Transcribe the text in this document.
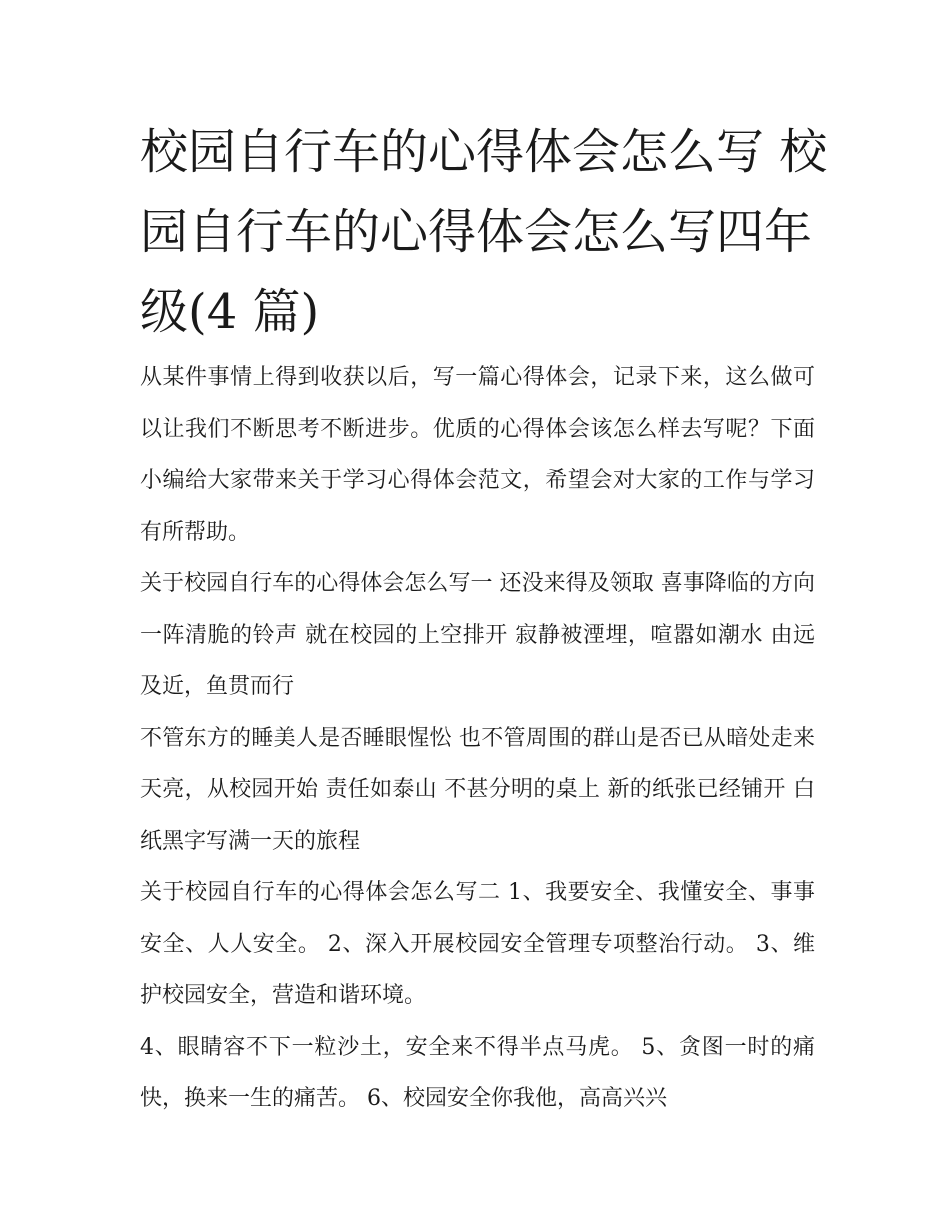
校园自行车的心得体会怎么写 校园自行车的心得体会怎么写四年级(4 篇)

从某件事情上得到收获以后，写一篇心得体会，记录下来，这么做可以让我们不断思考不断进步。优质的心得体会该怎么样去写呢？下面小编给大家带来关于学习心得体会范文，希望会对大家的工作与学习有所帮助。

关于校园自行车的心得体会怎么写一 还没来得及领取 喜事降临的方向 一阵清脆的铃声 就在校园的上空排开 寂静被湮埋，喧嚣如潮水 由远及近，鱼贯而行

不管东方的睡美人是否睡眼惺忪 也不管周围的群山是否已从暗处走来 天亮，从校园开始 责任如泰山 不甚分明的桌上 新的纸张已经铺开 白纸黑字写满一天的旅程

关于校园自行车的心得体会怎么写二 1、我要安全、我懂安全、事事安全、人人安全。 2、深入开展校园安全管理专项整治行动。 3、维护校园安全，营造和谐环境。

4、眼睛容不下一粒沙土，安全来不得半点马虎。 5、贪图一时的痛快，换来一生的痛苦。 6、校园安全你我他，高高兴兴
